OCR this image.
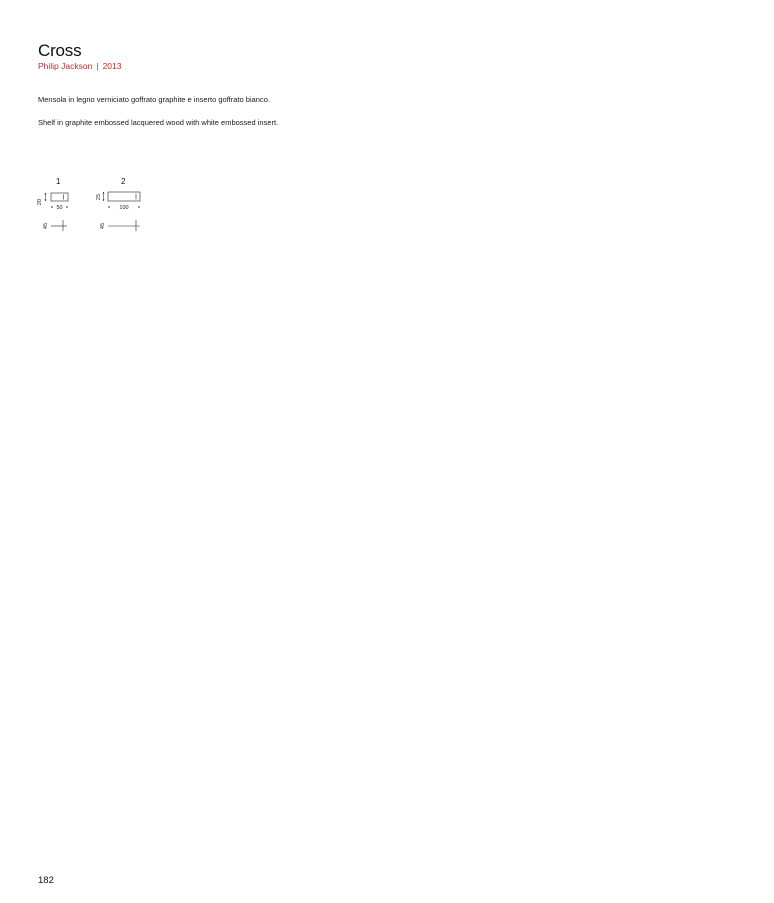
Cross
Philip Jackson | 2013

Mensola in legno verniciato goffrato graphite e inserto goffrato bianco.

Shelf in graphite embossed lacquered wood with white embossed insert.

1	2
20
50
45
25
100
45
182
